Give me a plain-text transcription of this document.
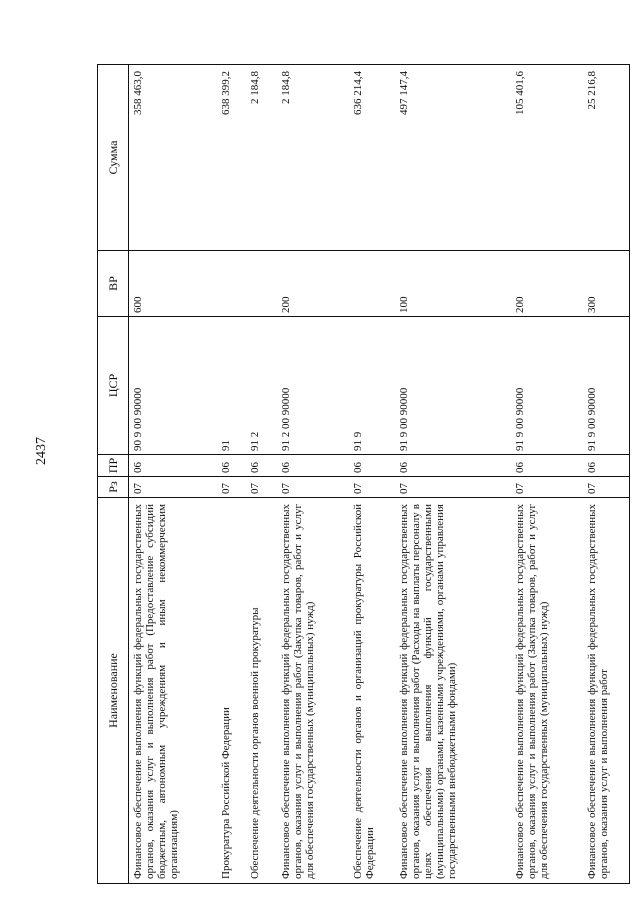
2437
Наименование	Рз	ПР	ЦСР	ВР	Сумма
Финансовое обеспечение выполнения функций федеральных государственных органов, оказания услуг и выполнения работ (Предоставление субсидий бюджетным, автономным учреждениям и иным некоммерческим организациям)	07	06	90 9 00 90000	600	358 463,0
Прокуратура Российской Федерации	07	06	91		638 399,2
Обеспечение деятельности органов военной прокуратуры	07	06	91 2		2 184,8
Финансовое обеспечение выполнения функций федеральных государственных органов, оказания услуг и выполнения работ (Закупка товаров, работ и услуг для обеспечения государственных (муниципальных) нужд)	07	06	91 2 00 90000	200	2 184,8
Обеспечение деятельности органов и организаций прокуратуры Российской Федерации	07	06	91 9		636 214,4
Финансовое обеспечение выполнения функций федеральных государственных органов, оказания услуг и выполнения работ (Расходы на выплаты персоналу в целях обеспечения выполнения функций государственными (муниципальными) органами, казенными учреждениями, органами управления государственными внебюджетными фондами)	07	06	91 9 00 90000	100	497 147,4
Финансовое обеспечение выполнения функций федеральных государственных органов, оказания услуг и выполнения работ (Закупка товаров, работ и услуг для обеспечения государственных (муниципальных) нужд)	07	06	91 9 00 90000	200	105 401,6
Финансовое обеспечение выполнения функций федеральных государственных органов, оказания услуг и выполнения работ	07	06	91 9 00 90000	300	25 216,8
